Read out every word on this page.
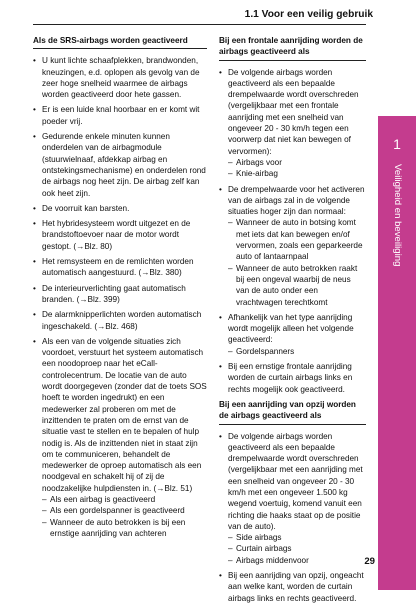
1.1 Voor een veilig gebruik
Als de SRS-airbags worden geactiveerd
• U kunt lichte schaafplekken, brandwonden, kneuzingen, e.d. oplopen als gevolg van de zeer hoge snelheid waarmee de airbags worden geactiveerd door hete gassen.
• Er is een luide knal hoorbaar en er komt wit poeder vrij.
• Gedurende enkele minuten kunnen onderdelen van de airbagmodule (stuurwielnaaf, afdekkap airbag en ontstekingsmechanisme) en onderdelen rond de airbags nog heet zijn. De airbag zelf kan ook heet zijn.
• De voorruit kan barsten.
• Het hybridesysteem wordt uitgezet en de brandstoftoevoer naar de motor wordt gestopt. (→Blz. 80)
• Het remsysteem en de remlichten worden automatisch aangestuurd. (→Blz. 380)
• De interieurverlichting gaat automatisch branden. (→Blz. 399)
• De alarmknipperlichten worden automatisch ingeschakeld. (→Blz. 468)
• Als een van de volgende situaties zich voordoet, verstuurt het systeem automatisch een noodoproep naar het eCall-controlecentrum. De locatie van de auto wordt doorgegeven (zonder dat de toets SOS hoeft te worden ingedrukt) en een medewerker zal proberen om met de inzittenden te praten om de ernst van de situatie vast te stellen en te bepalen of hulp nodig is. Als de inzittenden niet in staat zijn om te communiceren, behandelt de medewerker de oproep automatisch als een noodgeval en schakelt hij of zij de noodzakelijke hulpdiensten in. (→Blz. 51)
– Als een airbag is geactiveerd
– Als een gordelspanner is geactiveerd
– Wanneer de auto betrokken is bij een ernstige aanrijding van achteren
Bij een frontale aanrijding worden de airbags geactiveerd als
• De volgende airbags worden geactiveerd als een bepaalde drempelwaarde wordt overschreden (vergelijkbaar met een frontale aanrijding met een snelheid van ongeveer 20 - 30 km/h tegen een voorwerp dat niet kan bewegen of vervormen):
– Airbags voor
– Knie-airbag
• De drempelwaarde voor het activeren van de airbags zal in de volgende situaties hoger zijn dan normaal:
– Wanneer de auto in botsing komt met iets dat kan bewegen en/of vervormen, zoals een geparkeerde auto of lantaarnpaal
– Wanneer de auto betrokken raakt bij een ongeval waarbij de neus van de auto onder een vrachtwagen terechtkomt
• Afhankelijk van het type aanrijding wordt mogelijk alleen het volgende geactiveerd:
– Gordelspanners
• Bij een ernstige frontale aanrijding worden de curtain airbags links en rechts mogelijk ook geactiveerd.
Bij een aanrijding van opzij worden de airbags geactiveerd als
• De volgende airbags worden geactiveerd als een bepaalde drempelwaarde wordt overschreden (vergelijkbaar met een aanrijding met een snelheid van ongeveer 20 - 30 km/h met een ongeveer 1.500 kg wegend voertuig, komend vanuit een richting die haaks staat op de positie van de auto).
– Side airbags
– Curtain airbags
– Airbags middenvoor
• Bij een aanrijding van opzij, ongeacht aan welke kant, worden de curtain airbags links en rechts geactiveerd.
1
Veiligheid en beveiliging
29
